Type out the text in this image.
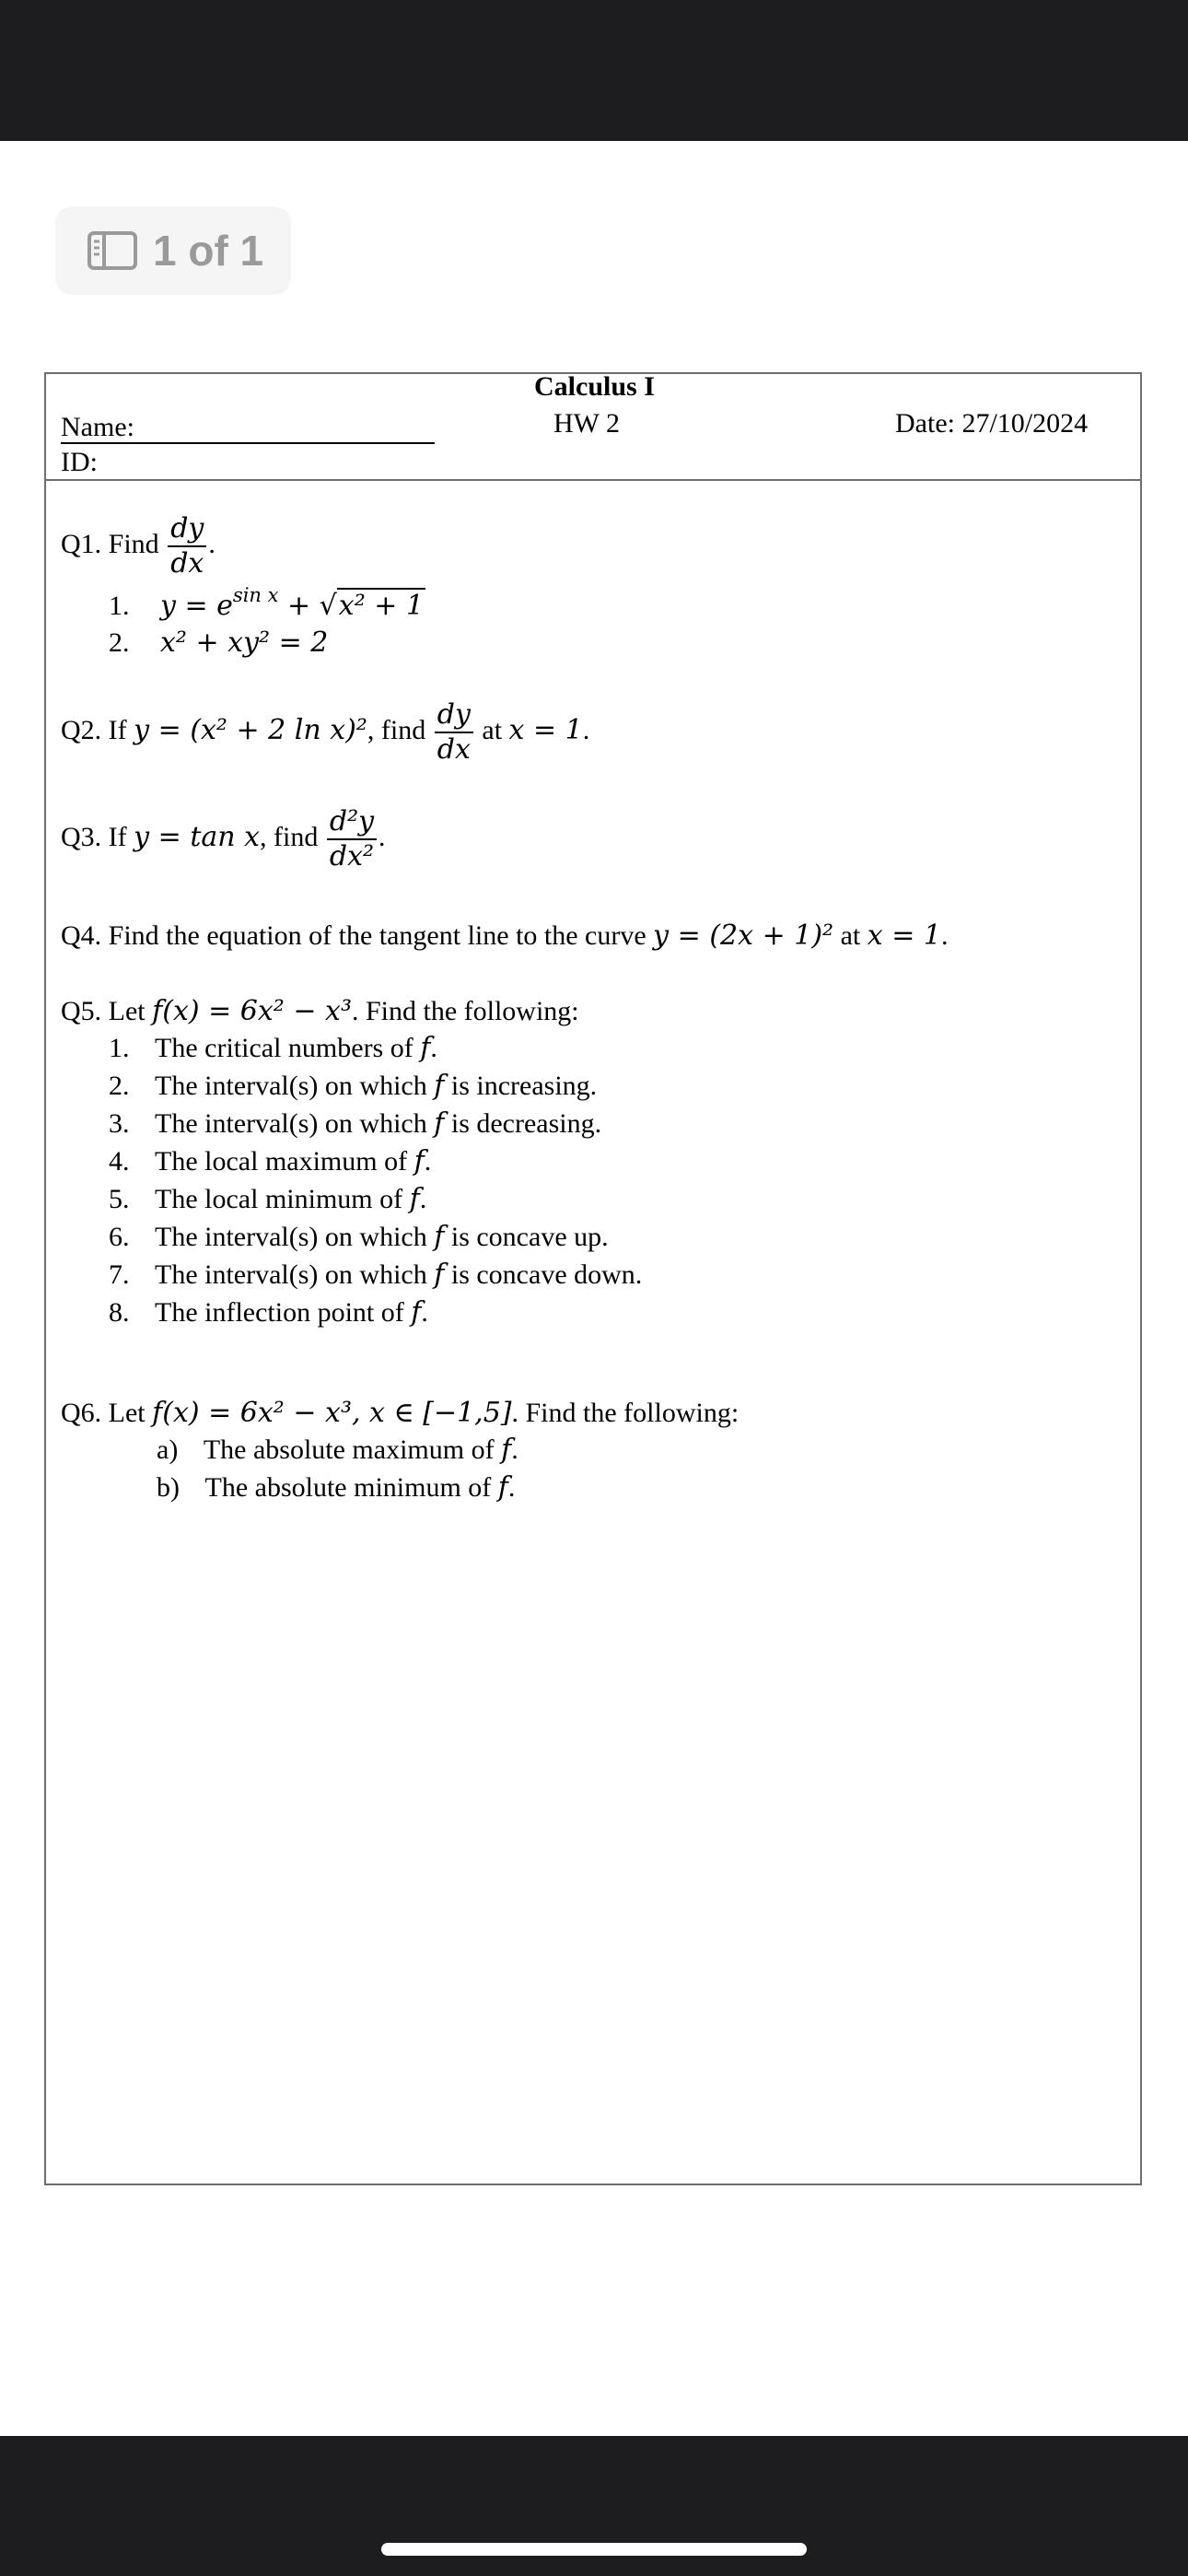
1 of 1
Calculus I
HW 2
Name:	Date: 27/10/2024
ID:
Q1. Find $\frac{dy}{dx}$ .
1. $y = e^{sin x} + √x^2 + 1$
2. x² + xy² = 2
Q2. If y = (x² + 2 ln x)², find $\frac{dy}{dx}$ at x = 1.
Q3. If y = tan x, find $\frac{\text{d²y}}{\text{dx²}}$ .
Q4. Find the equation of the tangent line to the curve y = (2x + 1)² at x = 1.
Q5. Let f(x) = 6x² − x³. Find the following:
1. The critical numbers of f.
2. The interval(s) on which f is increasing.
3. The interval(s) on which f is decreasing.
4. The local maximum of f.
5. The local minimum of f.
6. The interval(s) on which f is concave up.
7. The interval(s) on which f is concave down.
8. The inflection point of f.
Q6. Let f(x) = 6x² − x³, x ∈ [−1,5]. Find the following:
a) The absolute maximum of f.
b) The absolute minimum of f.
